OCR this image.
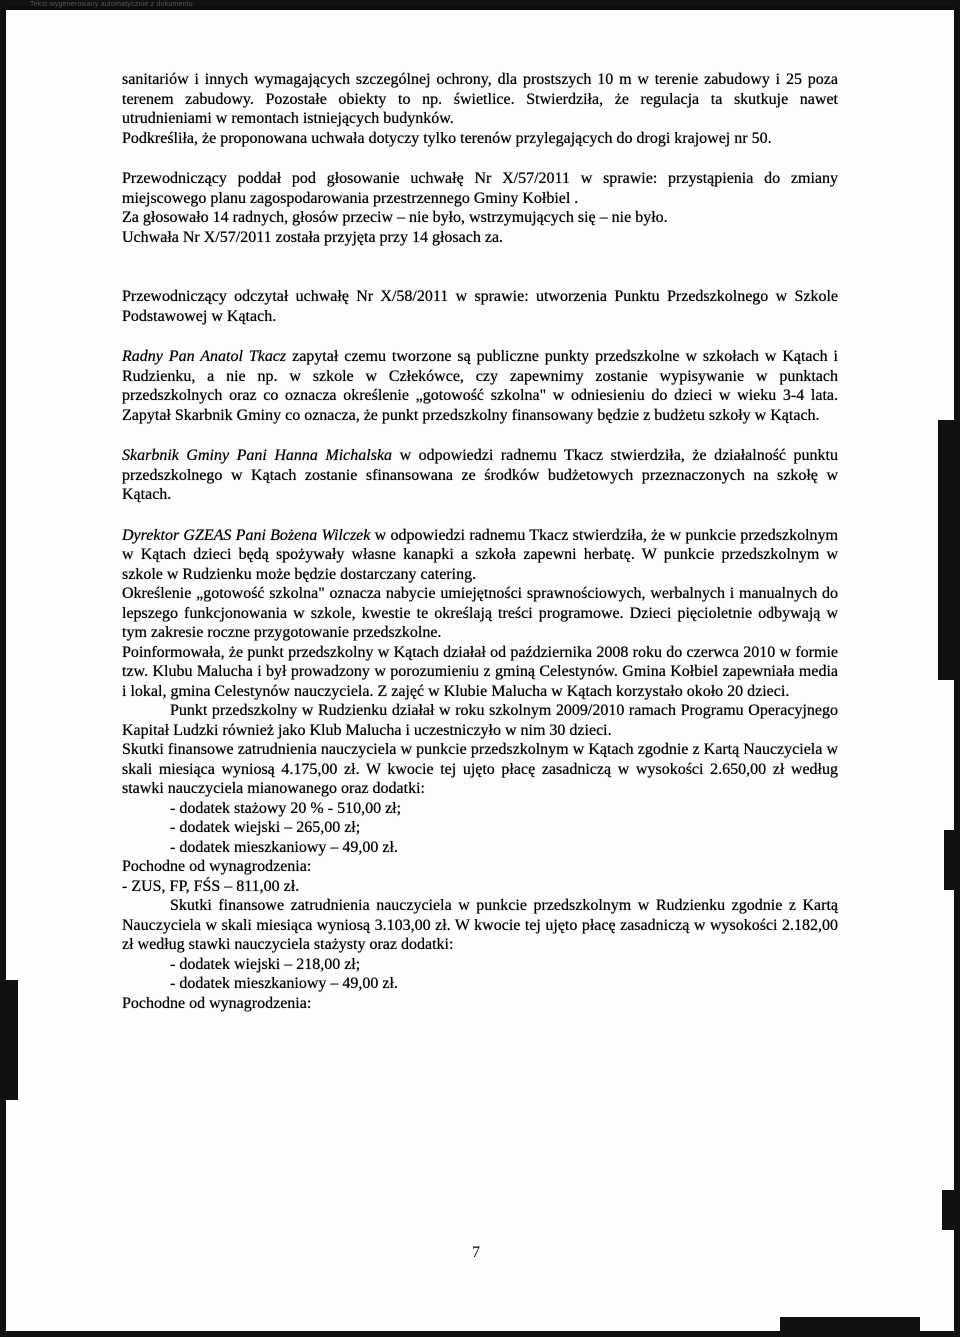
Tekst wygenerowany automatycznie z dokumentu

sanitariów i innych wymagających szczególnej ochrony, dla prostszych 10 m w terenie zabudowy i 25 poza terenem zabudowy. Pozostałe obiekty to np. świetlice. Stwierdziła, że regulacja ta skutkuje nawet utrudnieniami w remontach istniejących budynków.

Podkreśliła, że proponowana uchwała dotyczy tylko terenów przylegających do drogi krajowej nr 50.

Przewodniczący poddał pod głosowanie uchwałę Nr X/57/2011 w sprawie: przystąpienia do zmiany miejscowego planu zagospodarowania przestrzennego Gminy Kołbiel .

Za głosowało 14 radnych, głosów przeciw – nie było, wstrzymujących się – nie było.

Uchwała Nr X/57/2011 została przyjęta przy 14 głosach za.

Przewodniczący odczytał uchwałę Nr X/58/2011 w sprawie: utworzenia Punktu Przedszkolnego w Szkole Podstawowej w Kątach.

Radny Pan Anatol Tkacz zapytał czemu tworzone są publiczne punkty przedszkolne w szkołach w Kątach i Rudzienku, a nie np. w szkole w Człekówce, czy zapewnimy zostanie wypisywanie w punktach przedszkolnych oraz co oznacza określenie „gotowość szkolna" w odniesieniu do dzieci w wieku 3-4 lata. Zapytał Skarbnik Gminy co oznacza, że punkt przedszkolny finansowany będzie z budżetu szkoły w Kątach.

Skarbnik Gminy Pani Hanna Michalska w odpowiedzi radnemu Tkacz stwierdziła, że działalność punktu przedszkolnego w Kątach zostanie sfinansowana ze środków budżetowych przeznaczonych na szkołę w Kątach.

Dyrektor GZEAS Pani Bożena Wilczek w odpowiedzi radnemu Tkacz stwierdziła, że w punkcie przedszkolnym w Kątach dzieci będą spożywały własne kanapki a szkoła zapewni herbatę. W punkcie przedszkolnym w szkole w Rudzienku może będzie dostarczany catering.

Określenie „gotowość szkolna" oznacza nabycie umiejętności sprawnościowych, werbalnych i manualnych do lepszego funkcjonowania w szkole, kwestie te określają treści programowe. Dzieci pięcioletnie odbywają w tym zakresie roczne przygotowanie przedszkolne.

Poinformowała, że punkt przedszkolny w Kątach działał od października 2008 roku do czerwca 2010 w formie tzw. Klubu Malucha i był prowadzony w porozumieniu z gminą Celestynów. Gmina Kołbiel zapewniała media i lokal, gmina Celestynów nauczyciela. Z zajęć w Klubie Malucha w Kątach korzystało około 20 dzieci.

Punkt przedszkolny w Rudzienku działał w roku szkolnym 2009/2010 ramach Programu Operacyjnego Kapitał Ludzki również jako Klub Malucha i uczestniczyło w nim 30 dzieci.

Skutki finansowe zatrudnienia nauczyciela w punkcie przedszkolnym w Kątach zgodnie z Kartą Nauczyciela w skali miesiąca wyniosą 4.175,00 zł. W kwocie tej ujęto płacę zasadniczą w wysokości 2.650,00 zł według stawki nauczyciela mianowanego oraz dodatki:

- dodatek stażowy 20 % - 510,00 zł;

- dodatek wiejski – 265,00 zł;

- dodatek mieszkaniowy – 49,00 zł.

Pochodne od wynagrodzenia:

- ZUS, FP, FŚS – 811,00 zł.

Skutki finansowe zatrudnienia nauczyciela w punkcie przedszkolnym w Rudzienku zgodnie z Kartą Nauczyciela w skali miesiąca wyniosą 3.103,00 zł. W kwocie tej ujęto płacę zasadniczą w wysokości 2.182,00 zł według stawki nauczyciela stażysty oraz dodatki:

- dodatek wiejski – 218,00 zł;

- dodatek mieszkaniowy – 49,00 zł.

Pochodne od wynagrodzenia:

7
